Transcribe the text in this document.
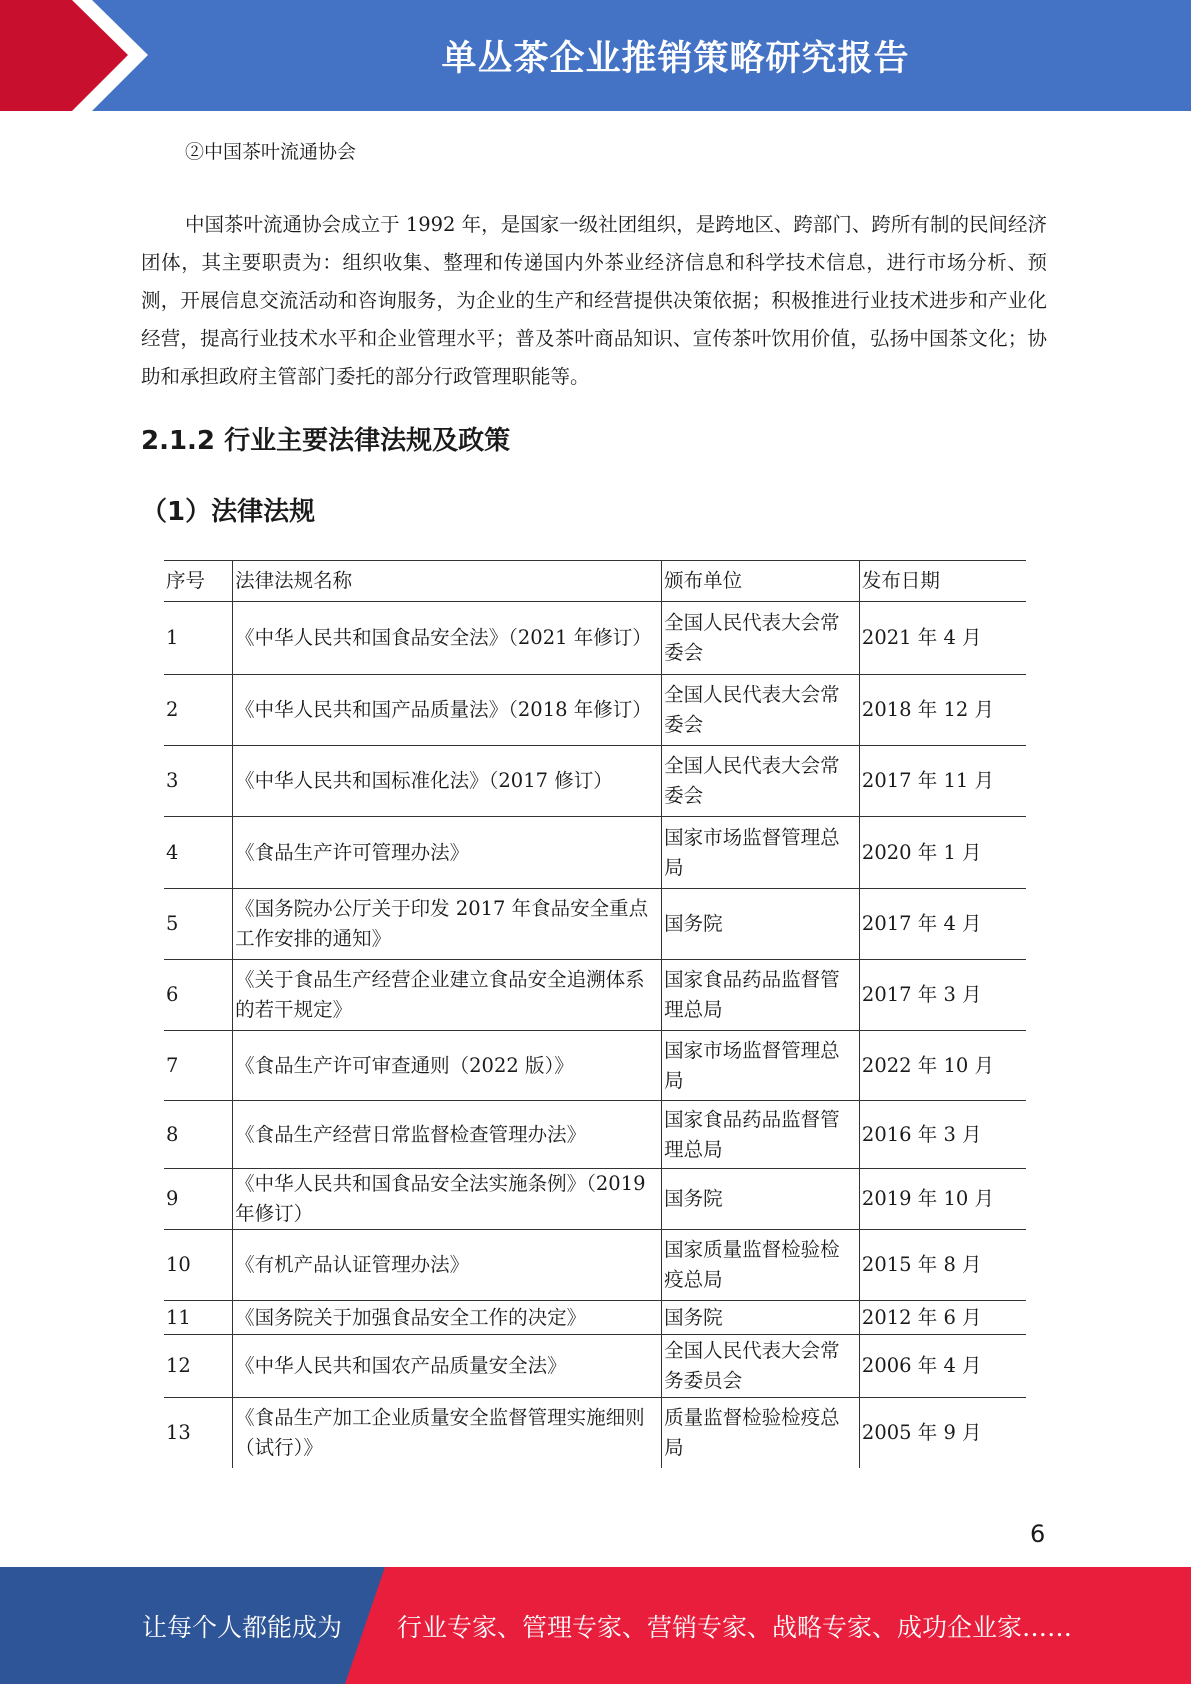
单丛茶企业推销策略研究报告
②中国茶叶流通协会

中国茶叶流通协会成立于 1992 年，是国家一级社团组织，是跨地区、跨部门、跨所有制的民间经济团体，其主要职责为：组织收集、整理和传递国内外茶业经济信息和科学技术信息，进行市场分析、预测，开展信息交流活动和咨询服务，为企业的生产和经营提供决策依据；积极推进行业技术进步和产业化经营，提高行业技术水平和企业管理水平；普及茶叶商品知识、宣传茶叶饮用价值，弘扬中国茶文化；协助和承担政府主管部门委托的部分行政管理职能等。

2.1.2 行业主要法律法规及政策
（1）法律法规
序号	法律法规名称	颁布单位	发布日期
1	《中华人民共和国食品安全法》（2021 年修订）	全国人民代表大会常委会	2021 年 4 月
2	《中华人民共和国产品质量法》（2018 年修订）	全国人民代表大会常委会	2018 年 12 月
3	《中华人民共和国标准化法》（2017 修订）	全国人民代表大会常委会	2017 年 11 月
4	《食品生产许可管理办法》	国家市场监督管理总局	2020 年 1 月
5	《国务院办公厅关于印发 2017 年食品安全重点工作安排的通知》	国务院	2017 年 4 月
6	《关于食品生产经营企业建立食品安全追溯体系的若干规定》	国家食品药品监督管理总局	2017 年 3 月
7	《食品生产许可审查通则（2022 版）》	国家市场监督管理总局	2022 年 10 月
8	《食品生产经营日常监督检查管理办法》	国家食品药品监督管理总局	2016 年 3 月
9	《中华人民共和国食品安全法实施条例》（2019 年修订）	国务院	2019 年 10 月
10	《有机产品认证管理办法》	国家质量监督检验检疫总局	2015 年 8 月
11	《国务院关于加强食品安全工作的决定》	国务院	2012 年 6 月
12	《中华人民共和国农产品质量安全法》	全国人民代表大会常务委员会	2006 年 4 月
13	《食品生产加工企业质量安全监督管理实施细则（试行）》	质量监督检验检疫总局	2005 年 9 月
6
让每个人都能成为 行业专家、管理专家、营销专家、战略专家、成功企业家……
